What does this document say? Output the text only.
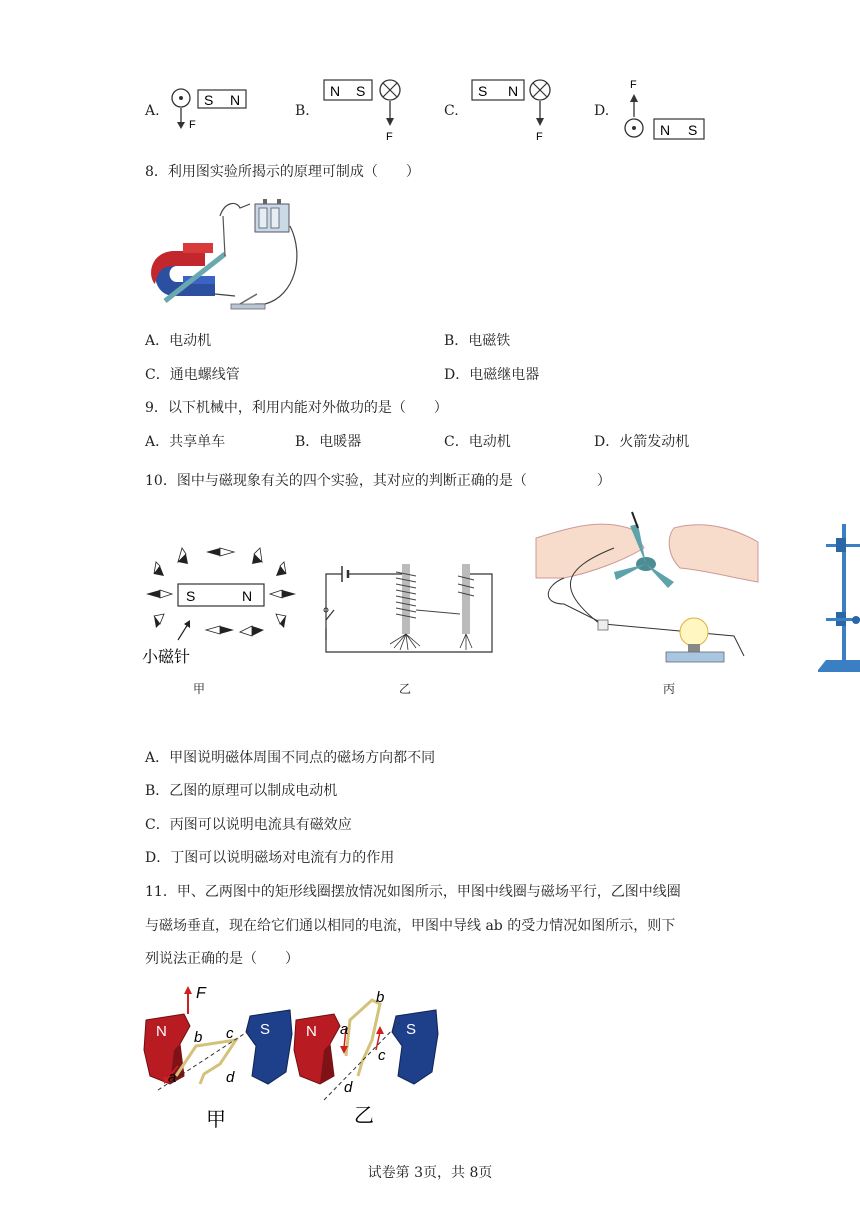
A.
F
S N
B.
N S
F
C.
S N
F
D.
F
N S
8．利用图实验所揭示的原理可制成（　　）
A．电动机	B．电磁铁
C．通电螺线管	D．电磁继电器
9．以下机械中，利用内能对外做功的是（　　）
A．共享单车	B．电暖器	C．电动机	D．火箭发动机
10．图中与磁现象有关的四个实验，其对应的判断正确的是（　　　　　）
S	N
小磁针
甲	乙	丙
A．甲图说明磁体周围不同点的磁场方向都不同
B．乙图的原理可以制成电动机
C．丙图可以说明电流具有磁效应
D．丁图可以说明磁场对电流有力的作用
11．甲、乙两图中的矩形线圈摆放情况如图所示，甲图中线圈与磁场平行，乙图中线圈
与磁场垂直，现在给它们通以相同的电流，甲图中导线 ab 的受力情况如图所示，则下
列说法正确的是（　　）
N	S
F
b c
a	d
甲
N	S
b
a
c
d
乙
试卷第 3页，共 8页
